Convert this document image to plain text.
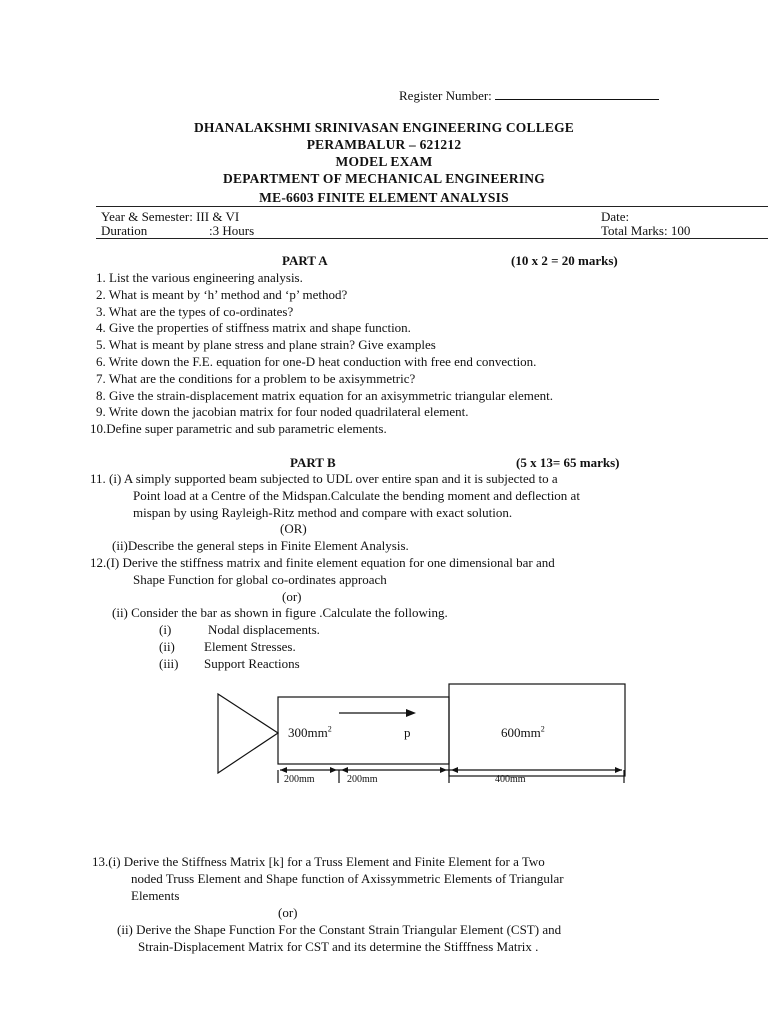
Register Number:
DHANALAKSHMI SRINIVASAN ENGINEERING COLLEGE
PERAMBALUR – 621212
MODEL EXAM
DEPARTMENT OF MECHANICAL ENGINEERING
ME-6603 FINITE ELEMENT ANALYSIS
Year & Semester: III & VI	Date:
Duration	:3 Hours	Total Marks: 100
PART A	(10 x 2 = 20 marks)
1. List the various engineering analysis.
2. What is meant by ‘h’ method and ‘p’ method?
3. What are the types of co-ordinates?
4. Give the properties of stiffness matrix and shape function.
5. What is meant by plane stress and plane strain? Give examples
6. Write down the F.E. equation for one-D heat conduction with free end convection.
7. What are the conditions for a problem to be axisymmetric?
8. Give the strain-displacement matrix equation for an axisymmetric triangular element.
9. Write down the jacobian matrix for four noded quadrilateral element.
10.Define super parametric and sub parametric elements.
PART B	(5 x 13= 65 marks)
11. (i) A simply supported beam subjected to UDL over entire span and it is subjected to a
Point load at a Centre of the Midspan.Calculate the bending moment and deflection at
mispan by using Rayleigh-Ritz method and compare with exact solution.
(OR)
(ii)Describe the general steps in Finite Element Analysis.
12.(I) Derive the stiffness matrix and finite element equation for one dimensional bar and
Shape Function for global co-ordinates approach
(or)
(ii) Consider the bar as shown in figure .Calculate the following.
(i)	Nodal displacements.
(ii) Element Stresses.
(iii) Support Reactions
$300mm^2$	p	$600mm^2$
200mm	200mm	400mm
13.(i) Derive the Stiffness Matrix [k] for a Truss Element and Finite Element for a Two
noded Truss Element and Shape function of Axissymmetric Elements of Triangular
Elements
(or)
(ii) Derive the Shape Function For the Constant Strain Triangular Element (CST) and
Strain-Displacement Matrix for CST and its determine the Stifffness Matrix .
